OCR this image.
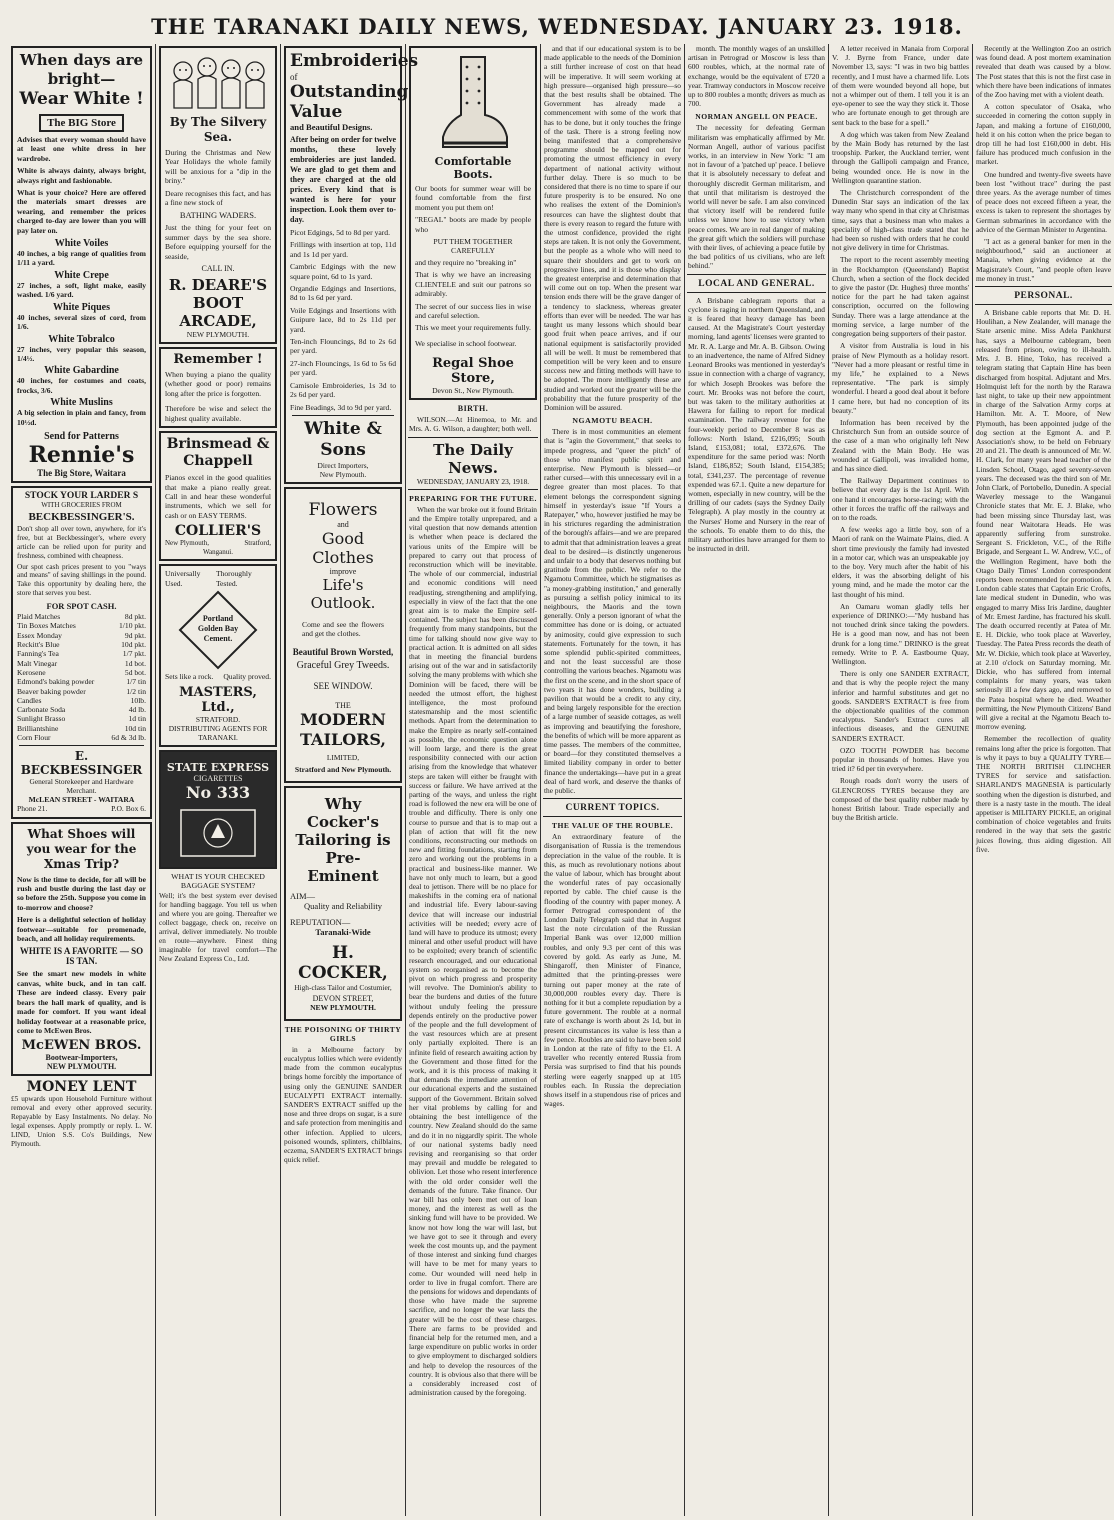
THE TARANAKI DAILY NEWS, WEDNESDAY. JANUARY 23. 1918.
When days are bright—
Wear White !
The BIG Store
Advises that every woman should have at least one white dress in her wardrobe.
White is always dainty, always bright, always right and fashionable.
What is your choice? Here are offered the materials smart dresses are wearing, and remember the prices charged to-day are lower than you will pay later on.
White Voiles
40 inches, a big range of qualities from 1/11 a yard.
White Crepe
27 inches, a soft, light make, easily washed. 1/6 yard.
White Piques
40 inches, several sizes of cord, from 1/6.
White Tobralco
27 inches, very popular this season, 1/4½.
White Gabardine
40 inches, for costumes and coats, frocks, 3/6.
White Muslins
A big selection in plain and fancy, from 10½d.
Send for Patterns
Rennie's
The Big Store, Waitara
STOCK YOUR LARDER S
WITH GROCERIES FROM
BECKBESSINGER'S.
Don't shop all over town, anywhere, for it's free, but at Beckbessinger's, where every article can be relied upon for purity and freshness, combined with cheapness.
Our spot cash prices present to you "ways and means" of saving shillings in the pound. Take this opportunity by dealing here, the store that serves you best.
FOR SPOT CASH.
Plaid Matches	8d pkt.
Tin Boxes Matches	1/10 pkt.
Essex Monday	9d pkt.
Reckitt's Blue	10d pkt.
Fanning's Tea	1/7 pkt.
Malt Vinegar	1d bot.
Kerosene	5d bot.
Edmond's baking powder	1/7 tin
Beaver baking powder	1/2 tin
Candles	10lb.
Carbonate Soda	4d lb.
Sunlight Brasso	1d tin
Brilliantshine	10d tin
Corn Flour	6d & 3d lb.
E. BECKBESSINGER
General Storekeeper and Hardware Merchant.
McLEAN STREET - WAITARA
Phone 21.	P.O. Box 6.
What Shoes will you wear for the Xmas Trip?
Now is the time to decide, for all will be rush and bustle during the last day or so before the 25th. Suppose you come in to-morrow and choose?
Here is a delightful selection of holiday footwear—suitable for promenade, beach, and all holiday requirements.
WHITE IS A FAVORITE — SO IS TAN.
See the smart new models in white canvas, white buck, and in tan calf. These are indeed classy. Every pair bears the hall mark of quality, and is made for comfort. If you want ideal holiday footwear at a reasonable price, come to McEwen Bros.
McEWEN BROS.
Bootwear-Importers,
NEW PLYMOUTH.
MONEY LENT
£5 upwards upon Household Furniture without removal and every other approved security. Repayable by Easy Instalments. No delay. No legal expenses. Apply promptly or reply. L. W. LIND, Union S.S. Co's Buildings, New Plymouth.
By The Silvery Sea.
During the Christmas and New Year Holidays the whole family will be anxious for a "dip in the briny."
Deare recognises this fact, and has a fine new stock of
BATHING WADERS.
Just the thing for your feet on summer days by the sea shore. Before equipping yourself for the seaside,
CALL IN.
R. DEARE'S BOOT ARCADE,
NEW PLYMOUTH.
Remember !
When buying a piano the quality (whether good or poor) remains long after the price is forgotten.
Therefore be wise and select the highest quality available.
Brinsmead & Chappell
Pianos excel in the good qualities that make a piano really great. Call in and hear these wonderful instruments, which we sell for cash or on EASY TERMS.
COLLIER'S
New Plymouth,	Stratford,
Wanganui.
Universally Used.
Thoroughly Tested.
Portland Golden Bay Cement.
Sets like a rock. Quality proved.
MASTERS, Ltd.,
STRATFORD.
DISTRIBUTING AGENTS FOR TARANAKI.
STATE EXPRESS
CIGARETTES
No 333
WHAT IS YOUR CHECKED BAGGAGE SYSTEM?
Well; it's the best system ever devised for handling baggage. You tell us when and where you are going. Thereafter we collect baggage, check on, receive on arrival, deliver immediately. No trouble en route—anywhere. Finest thing imaginable for travel comfort—The New Zealand Express Co., Ltd.
Embroideries
of
Outstanding Value
and Beautiful Designs.
After being on order for twelve months, these lovely embroideries are just landed. We are glad to get them and they are charged at the old prices. Every kind that is wanted is here for your inspection. Look them over to-day.
Picot Edgings, 5d to 8d per yard.
Frillings with insertion at top, 11d and 1s 1d per yard.
Cambric Edgings with the new square point, 6d to 1s yard.
Organdie Edgings and Insertions, 8d to 1s 6d per yard.
Voile Edgings and Insertions with Guipure lace, 8d to 2s 11d per yard.
Ten-inch Flouncings, 8d to 2s 6d per yard.
27-inch Flouncings, 1s 6d to 5s 6d per yard.
Camisole Embroideries, 1s 3d to 2s 6d per yard.
Fine Beadings, 3d to 9d per yard.
White & Sons
Direct Importers,
New Plymouth.
Flowers
and
Good Clothes
improve
Life's Outlook.
Come and see the flowers and get the clothes.
Beautiful Brown Worsted,
Graceful Grey Tweeds.
SEE WINDOW.
THE
MODERN TAILORS,
LIMITED,
Stratford and New Plymouth.
Why Cocker's Tailoring is Pre-Eminent
AIM—
Quality and Reliability
REPUTATION—
Taranaki-Wide
H. COCKER,
High-class Tailor and Costumier,
DEVON STREET,
NEW PLYMOUTH.
THE POISONING OF THIRTY GIRLS
in a Melbourne factory by eucalyptus lollies which were evidently made from the common eucalyptus brings home forcibly the importance of using only the GENUINE SANDER EUCALYPTI EXTRACT internally. SANDER'S EXTRACT sniffed up the nose and three drops on sugar, is a sure and safe protection from meningitis and other infection. Applied to ulcers, poisoned wounds, splinters, chilblains, eczema, SANDER'S EXTRACT brings quick relief.
Comfortable Boots.
Our boots for summer wear will be found comfortable from the first moment you put them on!
"REGAL" boots are made by people who
PUT THEM TOGETHER CAREFULLY
and they require no "breaking in"
That is why we have an increasing CLIENTELE and suit our patrons so admirably.
The secret of our success lies in wise and careful selection.
This we meet your requirements fully.
We specialise in school footwear.
Regal Shoe Store,
Devon St., New Plymouth.
BIRTH.
WILSON.—At Hinemoa, to Mr. and Mrs. A. G. Wilson, a daughter; both well.
The Daily News.
WEDNESDAY, JANUARY 23, 1918.
PREPARING FOR THE FUTURE.
When the war broke out it found Britain and the Empire totally unprepared, and a vital question that now demands attention is whether when peace is declared the various units of the Empire will be prepared to carry out that process of reconstruction which will be inevitable. The whole of our commercial, industrial and economic conditions will need readjusting, strengthening and amplifying, especially in view of the fact that the one great aim is to make the Empire self-contained. The subject has been discussed frequently from many standpoints, but the time for talking should now give way to practical action. It is admitted on all sides that in meeting the financial burdens arising out of the war and in satisfactorily solving the many problems with which she Dominion will be faced, there will be needed the utmost effort, the highest intelligence, the most profound statesmanship and the most scientific methods. Apart from the determination to make the Empire as nearly self-contained as possible, the economic question alone will loom large, and there is the great responsibility connected with our action arising from the knowledge that whatever steps are taken will either be fraught with success or failure. We have arrived at the parting of the ways, and unless the right road is followed the new era will be one of trouble and difficulty. There is only one course to pursue and that is to map out a plan of action that will fit the new conditions, reconstructing our methods on new and fitting foundations, starting from zero and working out the problems in a practical and business-like manner. We have not only much to learn, but a good deal to jettison. There will be no place for makeshifts in the coming era of national and industrial life. Every labour-saving device that will increase our industrial activities will be needed; every acre of land will have to produce its utmost; every mineral and other useful product will have to be exploited; every branch of scientific research encouraged, and our educational system so reorganised as to become the pivot on which progress and prosperity will revolve. The Dominion's ability to bear the burdens and duties of the future without unduly feeling the pressure depends entirely on the productive power of the people and the full development of the vast resources which are at present only partially exploited. There is an infinite field of research awaiting action by the Government and those fitted for the work, and it is this process of making it that demands the immediate attention of our educational experts and the sustained support of the Government. Britain solved her vital problems by calling for and obtaining the best intelligence of the country. New Zealand should do the same and do it in no niggardly spirit. The whole of our national systems badly need revising and reorganising so that order may prevail and muddle be relegated to oblivion. Let those who resent interference with the old order consider well the demands of the future. Take finance. Our war bill has only been met out of loan money, and the interest as well as the sinking fund will have to be provided. We know not how long the war will last, but we have got to see it through and every week the cost mounts up, and the payment of those interest and sinking fund charges will have to be met for many years to come. Our wounded will need help in order to live in frugal comfort. There are the pensions for widows and dependants of those who have made the supreme sacrifice, and no longer the war lasts the greater will be the cost of these charges. There are farms to be provided and financial help for the returned men, and a large expenditure on public works in order to give employment to discharged soldiers and help to develop the resources of the country. It is obvious also that there will be a considerably increased cost of administration caused by the foregoing.
and that if our educational system is to be made applicable to the needs of the Dominion a still further increase of cost on that head will be imperative. It will seem working at high pressure—organised high pressure—so that the best results shall be obtained. The Government has already made a commencement with some of the work that has to be done, but it only touches the fringe of the task. There is a strong feeling now being manifested that a comprehensive programme should be mapped out for promoting the utmost efficiency in every department of national activity without further delay. There is so much to be considered that there is no time to spare if our future prosperity is to be ensured. No one who realises the extent of the Dominion's resources can have the slightest doubt that there is every reason to regard the future with the utmost confidence, provided the right steps are taken. It is not only the Government, but the people as a whole who will need to square their shoulders and get to work on progressive lines, and it is those who display the greatest enterprise and determination that will come out on top. When the present war tension ends there will be the grave danger of a tendency to slackness, whereas greater efforts than ever will be needed. The war has taught us many lessons which should bear good fruit when peace arrives, and if our national equipment is satisfactorily provided all will be well. It must be remembered that competition will be very keen and to ensure success new and fitting methods will have to be adopted. The more intelligently these are studied and worked out the greater will be the probability that the future prosperity of the Dominion will be assured.
NGAMOTU BEACH.
There is in most communities an element that is "agin the Government," that seeks to impede progress, and "queer the pitch" of those who manifest public spirit and enterprise. New Plymouth is blessed—or rather cursed—with this unnecessary evil in a degree greater than most places. To that element belongs the correspondent signing himself in yesterday's issue "If Yours a Ratepayer," who, however justified he may be in his strictures regarding the administration of the borough's affairs—and we are prepared to admit that that administration leaves a great deal to be desired—is distinctly ungenerous and unfair to a body that deserves nothing but gratitude from the public. We refer to the Ngamotu Committee, which he stigmatises as "a money-grabbing institution," and generally as pursuing a selfish policy inimical to its neighbours, the Maoris and the town generally. Only a person ignorant of what the committee has done or is doing, or actuated by animosity, could give expression to such statements. Fortunately for the town, it has some splendid public-spirited committees, and not the least successful are those controlling the various beaches. Ngamotu was the first on the scene, and in the short space of two years it has done wonders, building a pavilion that would be a credit to any city, and being largely responsible for the erection of a large number of seaside cottages, as well as improving and beautifying the foreshore, the benefits of which will be more apparent as time passes. The members of the committee, or board—for they constituted themselves a limited liability company in order to better finance the undertakings—have put in a great deal of hard work, and deserve the thanks of the public.
CURRENT TOPICS.
THE VALUE OF THE ROUBLE.
An extraordinary feature of the disorganisation of Russia is the tremendous depreciation in the value of the rouble. It is this, as much as revolutionary notions about the value of labour, which has brought about the wonderful rates of pay occasionally reported by cable. The chief cause is the flooding of the country with paper money. A former Petrograd correspondent of the London Daily Telegraph said that in August last the note circulation of the Russian Imperial Bank was over 12,000 million roubles, and only 9.3 per cent of this was covered by gold. As early as June, M. Shingaroff, then Minister of Finance, admitted that the printing-presses were turning out paper money at the rate of 30,000,000 roubles every day. There is nothing for it but a complete repudiation by a future government. The rouble at a normal rate of exchange is worth about 2s 1d, but in present circumstances its value is less than a few pence. Roubles are said to have been sold in London at the rate of fifty to the £1. A traveller who recently entered Russia from Persia was surprised to find that his pounds sterling were eagerly snapped up at 105 roubles each. In Russia the depreciation shows itself in a stupendous rise of prices and wages.
month. The monthly wages of an unskilled artisan in Petrograd or Moscow is less than 600 roubles, which, at the normal rate of exchange, would be the equivalent of £720 a year. Tramway conductors in Moscow receive up to 800 roubles a month; drivers as much as 700.
NORMAN ANGELL ON PEACE.
The necessity for defeating German militarism was emphatically affirmed by Mr. Norman Angell, author of various pacifist works, in an interview in New York: "I am not in favour of a 'patched up' peace. I believe that it is absolutely necessary to defeat and thoroughly discredit German militarism, and that until that militarism is destroyed the world will never be safe. I am also convinced that victory itself will be rendered futile unless we know how to use victory when peace comes. We are in real danger of making the great gift which the soldiers will purchase with their lives, of achieving a peace futile by the bad politics of us civilians, who are left behind."
LOCAL AND GENERAL.
A Brisbane cablegram reports that a cyclone is raging in northern Queensland, and it is feared that heavy damage has been caused. At the Magistrate's Court yesterday morning, land agents' licenses were granted to Mr. R. A. Large and Mr. A. B. Gibson. Owing to an inadvertence, the name of Alfred Sidney Leonard Brooks was mentioned in yesterday's issue in connection with a charge of vagrancy, for which Joseph Brookes was before the court. Mr. Brooks was not before the court, but was taken to the military authorities at Hawera for failing to report for medical examination. The railway revenue for the four-weekly period to December 8 was as follows: North Island, £216,095; South Island, £153,081; total, £372,676. The expenditure for the same period was: North Island, £186,852; South Island, £154,385; total, £341,237. The percentage of revenue expended was 67.1. Quite a new departure for women, especially in new country, will be the drilling of our cadets (says the Sydney Daily Telegraph). A play mostly in the country at the Nurses' Home and Nursery in the rear of the schools. To enable them to do this, the military authorities have arranged for them to be instructed in drill.
A letter received in Manaia from Corporal V. J. Byrne from France, under date November 13, says: "I was in two big battles recently, and I must have a charmed life. Lots of them were wounded beyond all hope, but not a whimper out of them. I tell you it is an eye-opener to see the way they stick it. Those who are fortunate enough to get through are sent back to the base for a spell."
A dog which was taken from New Zealand by the Main Body has returned by the last troopship. Parker, the Auckland terrier, went through the Gallipoli campaign and France, being wounded once. He is now in the Wellington quarantine station.
The Christchurch correspondent of the Dunedin Star says an indication of the lax way many who spend in that city at Christmas time, says that a business man who makes a speciality of high-class trade stated that he had been so rushed with orders that he could not give delivery in time for Christmas.
The report to the recent assembly meeting in the Rockhampton (Queensland) Baptist Church, when a section of the flock decided to give the pastor (Dr. Hughes) three months' notice for the part he had taken against conscription, occurred on the following Sunday. There was a large attendance at the morning service, a large number of the congregation being supporters of their pastor.
A visitor from Australia is loud in his praise of New Plymouth as a holiday resort. "Never had a more pleasant or restful time in my life," he explained to a News representative. "The park is simply wonderful. I heard a good deal about it before I came here, but had no conception of its beauty."
Information has been received by the Christchurch Sun from an outside source of the case of a man who originally left New Zealand with the Main Body. He was wounded at Gallipoli, was invalided home, and has since died.
The Railway Department continues to believe that every day is the 1st April. With one hand it encourages horse-racing; with the other it forces the traffic off the railways and on to the roads.
A few weeks ago a little boy, son of a Maori of rank on the Waimate Plains, died. A short time previously the family had invested in a motor car, which was an unspeakable joy to the boy. Very much after the habit of his elders, it was the absorbing delight of his young mind, and he made the motor car the last thought of his mind.
An Oamaru woman gladly tells her experience of DRINKO:—"My husband has not touched drink since taking the powders. He is a good man now, and has not been drunk for a long time." DRINKO is the great remedy. Write to P. A. Eastbourne Quay, Wellington.
There is only one SANDER EXTRACT, and that is why the people reject the many inferior and harmful substitutes and get no goods. SANDER'S EXTRACT is free from the objectionable qualities of the common eucalyptus. Sander's Extract cures all infectious diseases, and the GENUINE SANDER'S EXTRACT.
OZO TOOTH POWDER has become popular in thousands of homes. Have you tried it? 6d per tin everywhere.
Rough roads don't worry the users of GLENCROSS TYRES because they are composed of the best quality rubber made by honest British labour. Trade especially and buy the British article.
Recently at the Wellington Zoo an ostrich was found dead. A post mortem examination revealed that death was caused by a blow. The Post states that this is not the first case in which there have been indications of inmates of the Zoo having met with a violent death.
A cotton speculator of Osaka, who succeeded in cornering the cotton supply in Japan, and making a fortune of £160,000, held it on his cotton when the price began to drop till he had lost £160,000 in debt. His failure has produced much confusion in the market.
One hundred and twenty-five sweets have been lost "without trace" during the past three years. As the average number of times of peace does not exceed fifteen a year, the excess is taken to represent the shortages by German submarines in accordance with the advice of the German Minister to Argentina.
"I act as a general banker for men in the neighbourhood," said an auctioneer at Manaia, when giving evidence at the Magistrate's Court, "and people often leave me money in trust."
PERSONAL.
A Brisbane cable reports that Mr. D. H. Houlihan, a New Zealander, will manage the State arsenic mine. Miss Adela Pankhurst has, says a Melbourne cablegram, been released from prison, owing to ill-health. Mrs. J. B. Hine, Toko, has received a telegram stating that Captain Hine has been discharged from hospital. Adjutant and Mrs. Holmquist left for the north by the Rarawa last night, to take up their new appointment in charge of the Salvation Army corps at Hamilton. Mr. A. T. Moore, of New Plymouth, has been appointed judge of the dog section at the Egmont A. and P. Association's show, to be held on February 20 and 21. The death is announced of Mr. W. H. Clark, for many years head teacher of the Linsden School, Otago, aged seventy-seven years. The deceased was the third son of Mr. John Clark, of Portobello, Dunedin. A special Waverley message to the Wanganui Chronicle states that Mr. E. J. Blake, who had been missing since Thursday last, was found near Waitotara Heads. He was apparently suffering from sunstroke. Sergeant S. Frickleton, V.C., of the Rifle Brigade, and Sergeant L. W. Andrew, V.C., of the Wellington Regiment, have both the Otago Daily Times' London correspondent reports been recommended for promotion. A London cable states that Captain Eric Crofts, late medical student in Dunedin, who was engaged to marry Miss Iris Jardine, daughter of Mr. Ernest Jardine, has fractured his skull. The death occurred recently at Patea of Mr. E. H. Dickie, who took place at Waverley, Tuesday. The Patea Press records the death of Mr. W. Dickie, which took place at Waverley, at 2.10 o'clock on Saturday morning. Mr. Dickie, who has suffered from internal complaints for many years, was taken seriously ill a few days ago, and removed to the Patea hospital where he died. Weather permitting, the New Plymouth Citizens' Band will give a recital at the Ngamotu Beach to-morrow evening.
Remember the recollection of quality remains long after the price is forgotten. That is why it pays to buy a QUALITY TYRE—THE NORTH BRITISH CLINCHER TYRES for service and satisfaction. SHARLAND'S MAGNESIA is particularly soothing when the digestion is disturbed, and there is a nasty taste in the mouth. The ideal appetiser is MILITARY PICKLE, an original combination of choice vegetables and fruits rendered in the way that sets the gastric juices flowing, thus aiding digestion. All five.
